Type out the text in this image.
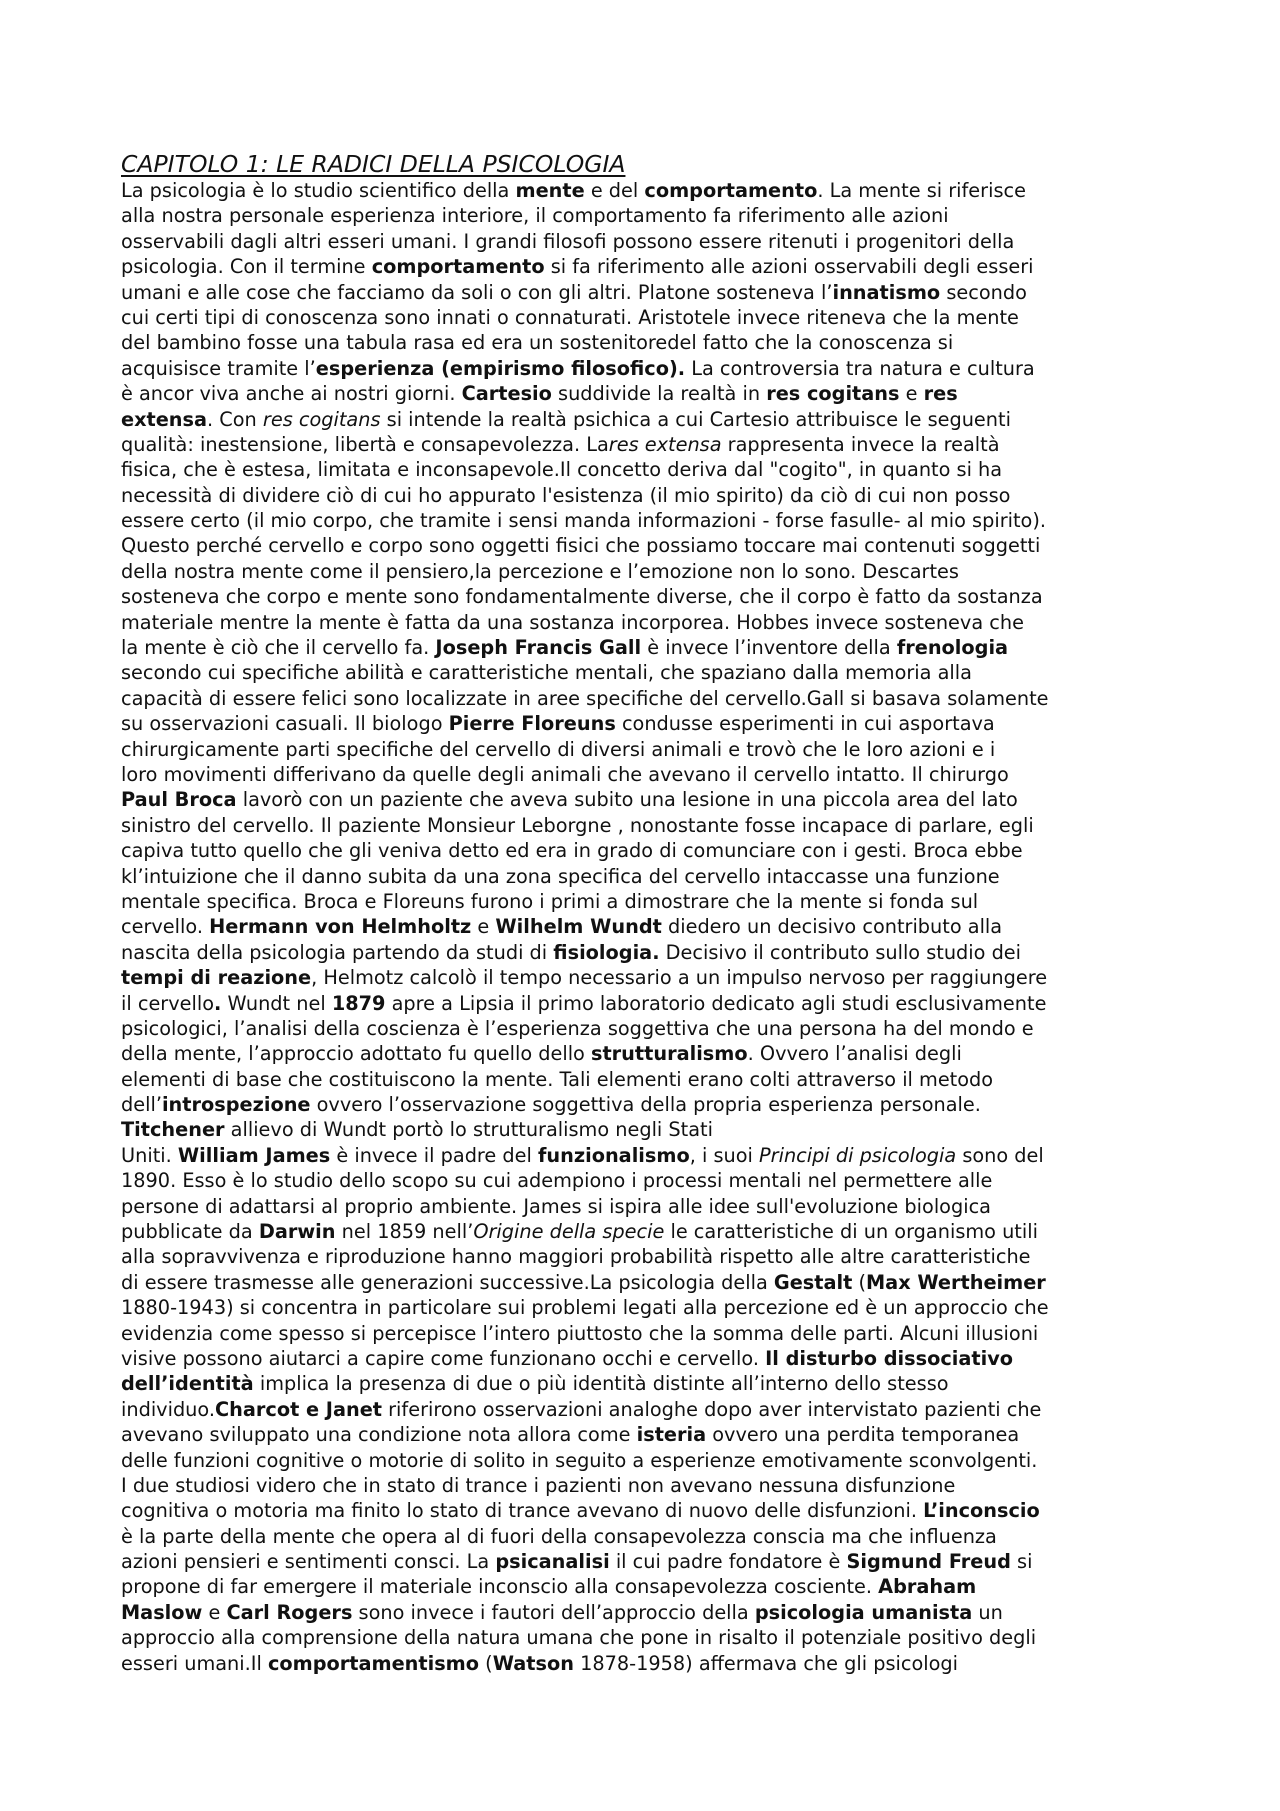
CAPITOLO 1: LE RADICI DELLA PSICOLOGIA
La psicologia è lo studio scientifico della mente e del comportamento. La mente si riferisce
alla nostra personale esperienza interiore, il comportamento fa riferimento alle azioni
osservabili dagli altri esseri umani. I grandi filosofi possono essere ritenuti i progenitori della
psicologia. Con il termine comportamento si fa riferimento alle azioni osservabili degli esseri
umani e alle cose che facciamo da soli o con gli altri. Platone sosteneva l’innatismo secondo
cui certi tipi di conoscenza sono innati o connaturati. Aristotele invece riteneva che la mente
del bambino fosse una tabula rasa ed era un sostenitoredel fatto che la conoscenza si
acquisisce tramite l’esperienza (empirismo filosofico). La controversia tra natura e cultura
è ancor viva anche ai nostri giorni. Cartesio suddivide la realtà in res cogitans e res
extensa. Con res cogitans si intende la realtà psichica a cui Cartesio attribuisce le seguenti
qualità: inestensione, libertà e consapevolezza. Lares extensa rappresenta invece la realtà
fisica, che è estesa, limitata e inconsapevole.Il concetto deriva dal "cogito", in quanto si ha
necessità di dividere ciò di cui ho appurato l'esistenza (il mio spirito) da ciò di cui non posso
essere certo (il mio corpo, che tramite i sensi manda informazioni - forse fasulle- al mio spirito).
Questo perché cervello e corpo sono oggetti fisici che possiamo toccare mai contenuti soggetti
della nostra mente come il pensiero,la percezione e l’emozione non lo sono. Descartes
sosteneva che corpo e mente sono fondamentalmente diverse, che il corpo è fatto da sostanza
materiale mentre la mente è fatta da una sostanza incorporea. Hobbes invece sosteneva che
la mente è ciò che il cervello fa. Joseph Francis Gall è invece l’inventore della frenologia
secondo cui specifiche abilità e caratteristiche mentali, che spaziano dalla memoria alla
capacità di essere felici sono localizzate in aree specifiche del cervello.Gall si basava solamente
su osservazioni casuali. Il biologo Pierre Floreuns condusse esperimenti in cui asportava
chirurgicamente parti specifiche del cervello di diversi animali e trovò che le loro azioni e i
loro movimenti differivano da quelle degli animali che avevano il cervello intatto. Il chirurgo
Paul Broca lavorò con un paziente che aveva subito una lesione in una piccola area del lato
sinistro del cervello. Il paziente Monsieur Leborgne , nonostante fosse incapace di parlare, egli
capiva tutto quello che gli veniva detto ed era in grado di comunciare con i gesti. Broca ebbe
kl’intuizione che il danno subita da una zona specifica del cervello intaccasse una funzione
mentale specifica. Broca e Floreuns furono i primi a dimostrare che la mente si fonda sul
cervello. Hermann von Helmholtz e Wilhelm Wundt diedero un decisivo contributo alla
nascita della psicologia partendo da studi di fisiologia. Decisivo il contributo sullo studio dei
tempi di reazione, Helmotz calcolò il tempo necessario a un impulso nervoso per raggiungere
il cervello. Wundt nel 1879 apre a Lipsia il primo laboratorio dedicato agli studi esclusivamente
psicologici, l’analisi della coscienza è l’esperienza soggettiva che una persona ha del mondo e
della mente, l’approccio adottato fu quello dello strutturalismo. Ovvero l’analisi degli
elementi di base che costituiscono la mente. Tali elementi erano colti attraverso il metodo
dell’introspezione ovvero l’osservazione soggettiva della propria esperienza personale.
Titchener allievo di Wundt portò lo strutturalismo negli Stati
Uniti. William James è invece il padre del funzionalismo, i suoi Principi di psicologia sono del
1890. Esso è lo studio dello scopo su cui adempiono i processi mentali nel permettere alle
persone di adattarsi al proprio ambiente. James si ispira alle idee sull'evoluzione biologica
pubblicate da Darwin nel 1859 nell’Origine della specie le caratteristiche di un organismo utili
alla sopravvivenza e riproduzione hanno maggiori probabilità rispetto alle altre caratteristiche
di essere trasmesse alle generazioni successive.La psicologia della Gestalt (Max Wertheimer
1880-1943) si concentra in particolare sui problemi legati alla percezione ed è un approccio che
evidenzia come spesso si percepisce l’intero piuttosto che la somma delle parti. Alcuni illusioni
visive possono aiutarci a capire come funzionano occhi e cervello. Il disturbo dissociativo
dell’identità implica la presenza di due o più identità distinte all’interno dello stesso
individuo.Charcot e Janet riferirono osservazioni analoghe dopo aver intervistato pazienti che
avevano sviluppato una condizione nota allora come isteria ovvero una perdita temporanea
delle funzioni cognitive o motorie di solito in seguito a esperienze emotivamente sconvolgenti.
I due studiosi videro che in stato di trance i pazienti non avevano nessuna disfunzione
cognitiva o motoria ma finito lo stato di trance avevano di nuovo delle disfunzioni. L’inconscio
è la parte della mente che opera al di fuori della consapevolezza conscia ma che influenza
azioni pensieri e sentimenti consci. La psicanalisi il cui padre fondatore è Sigmund Freud si
propone di far emergere il materiale inconscio alla consapevolezza cosciente. Abraham
Maslow e Carl Rogers sono invece i fautori dell’approccio della psicologia umanista un
approccio alla comprensione della natura umana che pone in risalto il potenziale positivo degli
esseri umani.Il comportamentismo (Watson 1878-1958) affermava che gli psicologi
